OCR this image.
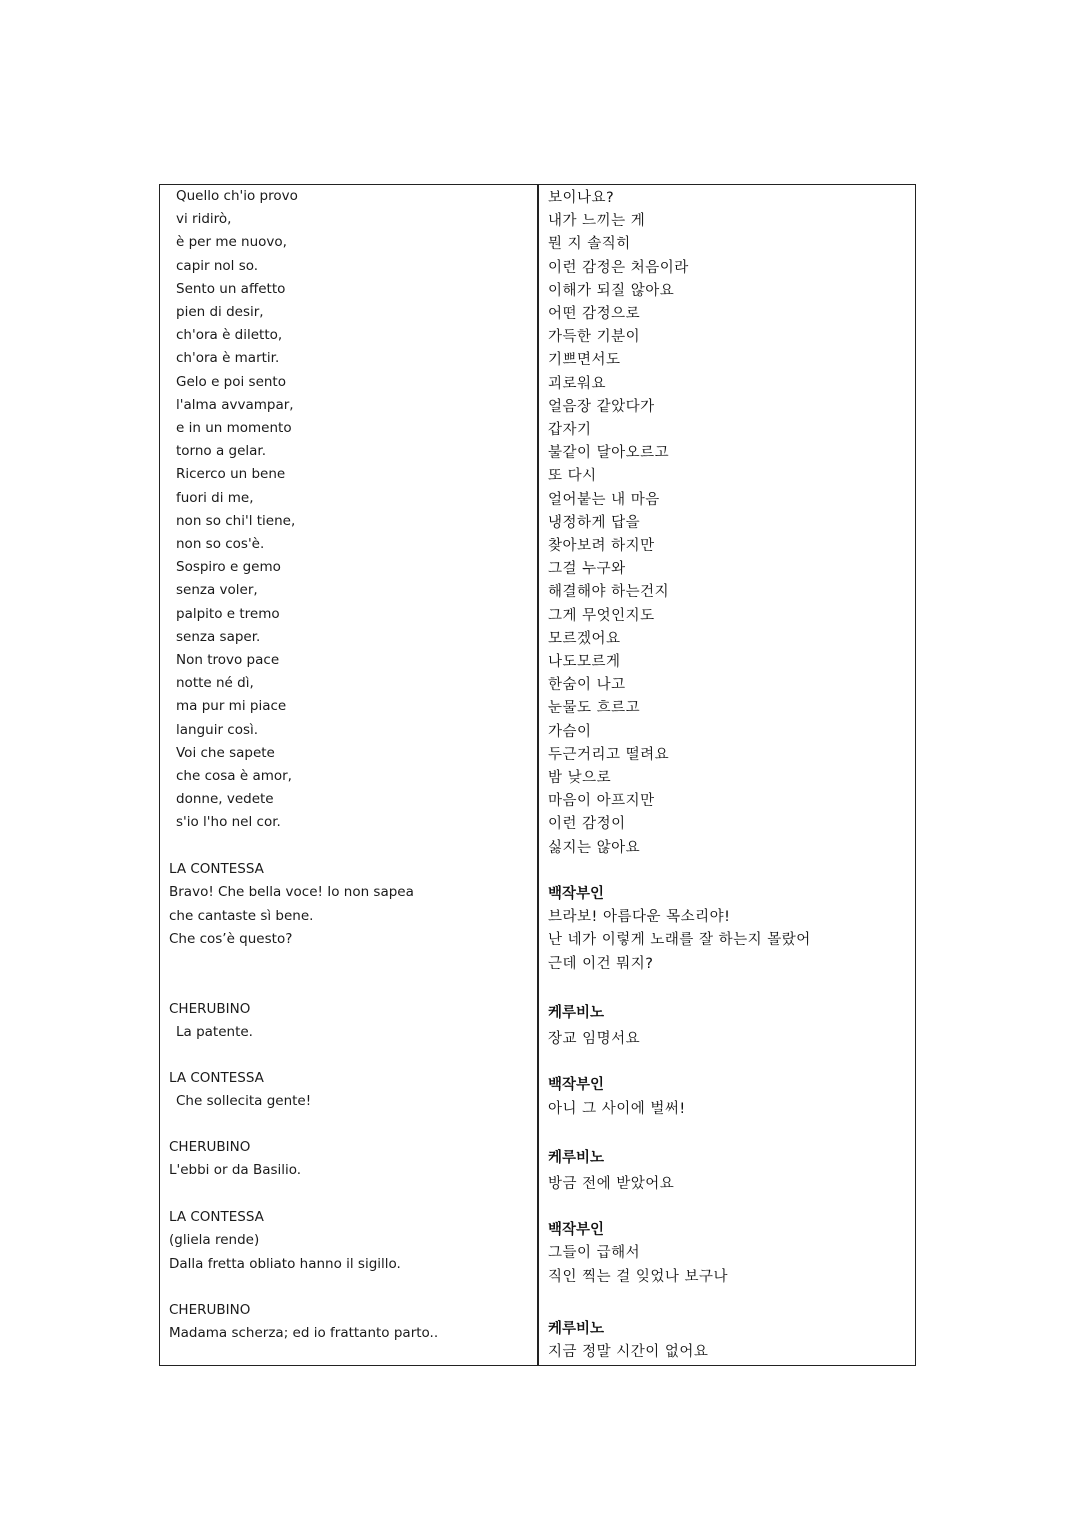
Quello ch'io provo
vi ridirò,
è per me nuovo,
capir nol so.
Sento un affetto
pien di desir,
ch'ora è diletto,
ch'ora è martir.
Gelo e poi sento
l'alma avvampar,
e in un momento
torno a gelar.
Ricerco un bene
fuori di me,
non so chi'l tiene,
non so cos'è.
Sospiro e gemo
senza voler,
palpito e tremo
senza saper.
Non trovo pace
notte né dì,
ma pur mi piace
languir così.
Voi che sapete
che cosa è amor,
donne, vedete
s'io l'ho nel cor.
LA CONTESSA
Bravo! Che bella voce! Io non sapea
che cantaste sì bene.
Che cos’è questo?
CHERUBINO
La patente.
LA CONTESSA
Che sollecita gente!
CHERUBINO
L'ebbi or da Basilio.
LA CONTESSA
(gliela rende)
Dalla fretta obliato hanno il sigillo.
CHERUBINO
Madama scherza; ed io frattanto parto..
보이나요?
내가 느끼는 게
뭔 지 솔직히
이런 감정은 처음이라
이해가 되질 않아요
어떤 감정으로
가득한 기분이
기쁘면서도
괴로워요
얼음장 같았다가
갑자기
불같이 달아오르고
또 다시
얼어붙는 내 마음
냉정하게 답을
찾아보려 하지만
그걸 누구와
해결해야 하는건지
그게 무엇인지도
모르겠어요
나도모르게
한숨이 나고
눈물도 흐르고
가슴이
두근거리고 떨려요
밤 낮으로
마음이 아프지만
이런 감정이
싫지는 않아요
백작부인
브라보! 아름다운 목소리야!
난 네가 이렇게 노래를 잘 하는지 몰랐어
근데 이건 뭐지?
케루비노
장교 임명서요
백작부인
아니 그 사이에 벌써!
케루비노
방금 전에 받았어요
백작부인
그들이 급해서
직인 찍는 걸 잊었나 보구나
케루비노
지금 정말 시간이 없어요
